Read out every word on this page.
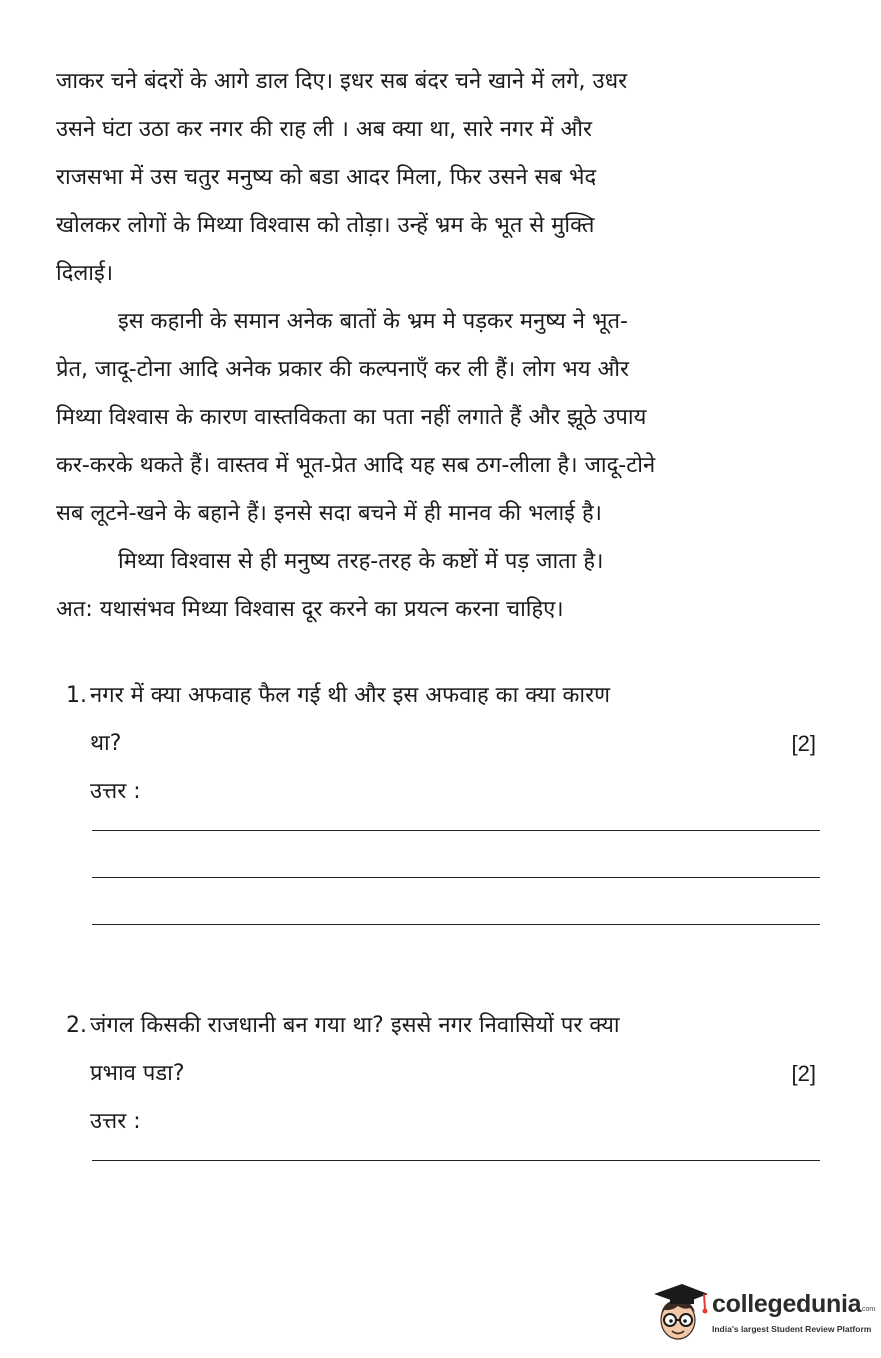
जाकर चने बंदरों के आगे डाल दिए। इधर सब बंदर चने खाने में लगे, उधर
उसने घंटा उठा कर नगर की राह ली । अब क्या था, सारे नगर में और
राजसभा में उस चतुर मनुष्य को बडा आदर मिला, फिर उसने सब भेद
खोलकर लोगों के मिथ्या विश्वास को तोड़ा। उन्हें भ्रम के भूत से मुक्ति
दिलाई।
इस कहानी के समान अनेक बातों के भ्रम मे पड़कर मनुष्य ने भूत-
प्रेत, जादू-टोना आदि अनेक प्रकार की कल्पनाएँ कर ली हैं। लोग भय और
मिथ्या विश्वास के कारण वास्तविकता का पता नहीं लगाते हैं और झूठे उपाय
कर-करके थकते हैं। वास्तव में भूत-प्रेत आदि यह सब ठग-लीला है। जादू-टोने
सब लूटने-खने के बहाने हैं। इनसे सदा बचने में ही मानव की भलाई है।
मिथ्या विश्वास से ही मनुष्य तरह-तरह के कष्टों में पड़ जाता है।
अत: यथासंभव मिथ्या विश्वास दूर करने का प्रयत्न करना चाहिए।
1. नगर में क्या अफवाह फैल गई थी और इस अफवाह का क्या कारण
था?	[2]
उत्तर :
2. जंगल किसकी राजधानी बन गया था? इससे नगर निवासियों पर क्या
प्रभाव पडा?	[2]
उत्तर :
collegedunia
.com
India's largest Student Review Platform
